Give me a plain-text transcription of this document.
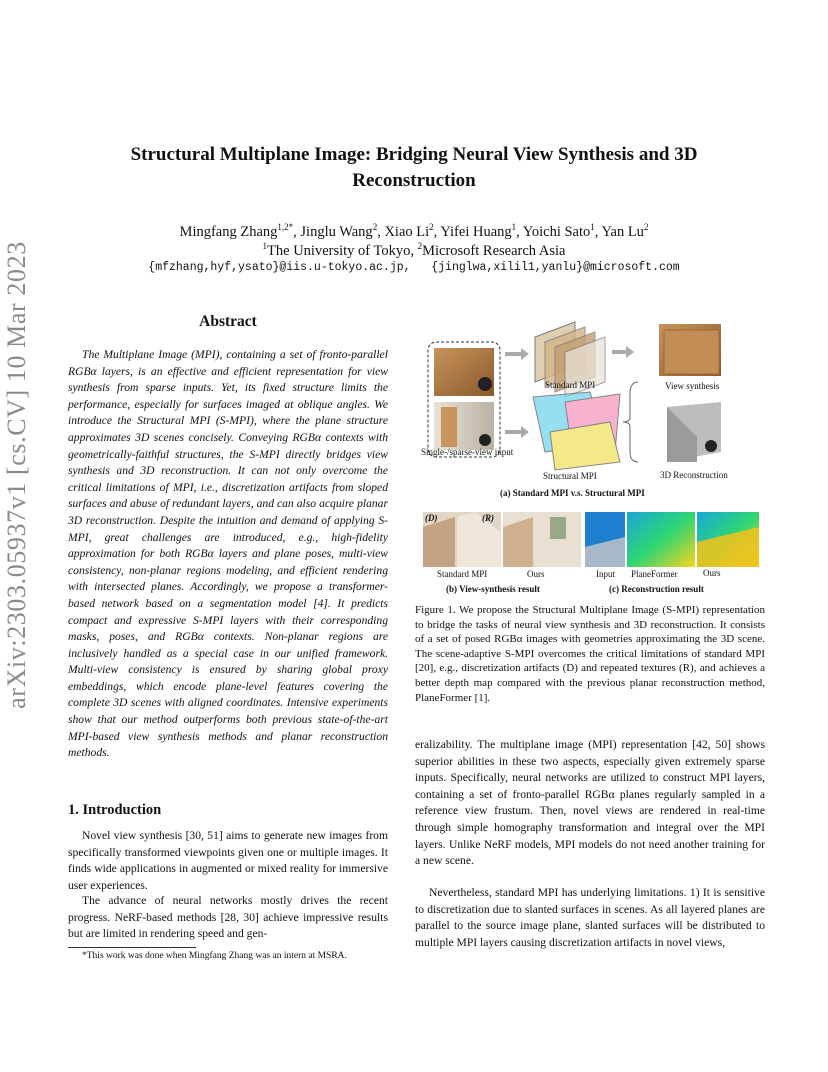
arXiv:2303.05937v1 [cs.CV] 10 Mar 2023
Structural Multiplane Image: Bridging Neural View Synthesis and 3D Reconstruction
Mingfang Zhang$^{1,2*}$, Jinglu Wang$^2$, Xiao Li$^2$, Yifei Huang$^1$, Yoichi Sato$^1$, Yan Lu$^2$
$^1$The University of Tokyo, $^2$Microsoft Research Asia
{mfzhang,hyf,ysato}@iis.u-tokyo.ac.jp,   {jinglwa,xilil1,yanlu}@microsoft.com
Abstract
The Multiplane Image (MPI), containing a set of fronto-parallel RGBα layers, is an effective and efficient representation for view synthesis from sparse inputs. Yet, its fixed structure limits the performance, especially for surfaces imaged at oblique angles. We introduce the Structural MPI (S-MPI), where the plane structure approximates 3D scenes concisely. Conveying RGBα contexts with geometrically-faithful structures, the S-MPI directly bridges view synthesis and 3D reconstruction. It can not only overcome the critical limitations of MPI, i.e., discretization artifacts from sloped surfaces and abuse of redundant layers, and can also acquire planar 3D reconstruction. Despite the intuition and demand of applying S-MPI, great challenges are introduced, e.g., high-fidelity approximation for both RGBα layers and plane poses, multi-view consistency, non-planar regions modeling, and efficient rendering with intersected planes. Accordingly, we propose a transformer-based network based on a segmentation model [4]. It predicts compact and expressive S-MPI layers with their corresponding masks, poses, and RGBα contexts. Non-planar regions are inclusively handled as a special case in our unified framework. Multi-view consistency is ensured by sharing global proxy embeddings, which encode plane-level features covering the complete 3D scenes with aligned coordinates. Intensive experiments show that our method outperforms both previous state-of-the-art MPI-based view synthesis methods and planar reconstruction methods.
1. Introduction
Novel view synthesis [30, 51] aims to generate new images from specifically transformed viewpoints given one or multiple images. It finds wide applications in augmented or mixed reality for immersive user experiences.
The advance of neural networks mostly drives the recent progress. NeRF-based methods [28, 30] achieve impressive results but are limited in rendering speed and gen-
*This work was done when Mingfang Zhang was an intern at MSRA.
Standard MPI	View synthesis
Single-/sparse-view input
Structural MPI	3D Reconstruction
(a) Standard MPI v.s. Structural MPI
(D)	(R)
Standard MPI	Ours	Input PlaneFormer	Ours
(b) View-synthesis result	(c) Reconstruction result
Figure 1. We propose the Structural Multiplane Image (S-MPI) representation to bridge the tasks of neural view synthesis and 3D reconstruction. It consists of a set of posed RGBα images with geometries approximating the 3D scene. The scene-adaptive S-MPI overcomes the critical limitations of standard MPI [20], e.g., discretization artifacts (D) and repeated textures (R), and achieves a better depth map compared with the previous planar reconstruction method, PlaneFormer [1].
eralizability. The multiplane image (MPI) representation [42, 50] shows superior abilities in these two aspects, especially given extremely sparse inputs. Specifically, neural networks are utilized to construct MPI layers, containing a set of fronto-parallel RGBα planes regularly sampled in a reference view frustum. Then, novel views are rendered in real-time through simple homography transformation and integral over the MPI layers. Unlike NeRF models, MPI models do not need another training for a new scene.
Nevertheless, standard MPI has underlying limitations. 1) It is sensitive to discretization due to slanted surfaces in scenes. As all layered planes are parallel to the source image plane, slanted surfaces will be distributed to multiple MPI layers causing discretization artifacts in novel views,
